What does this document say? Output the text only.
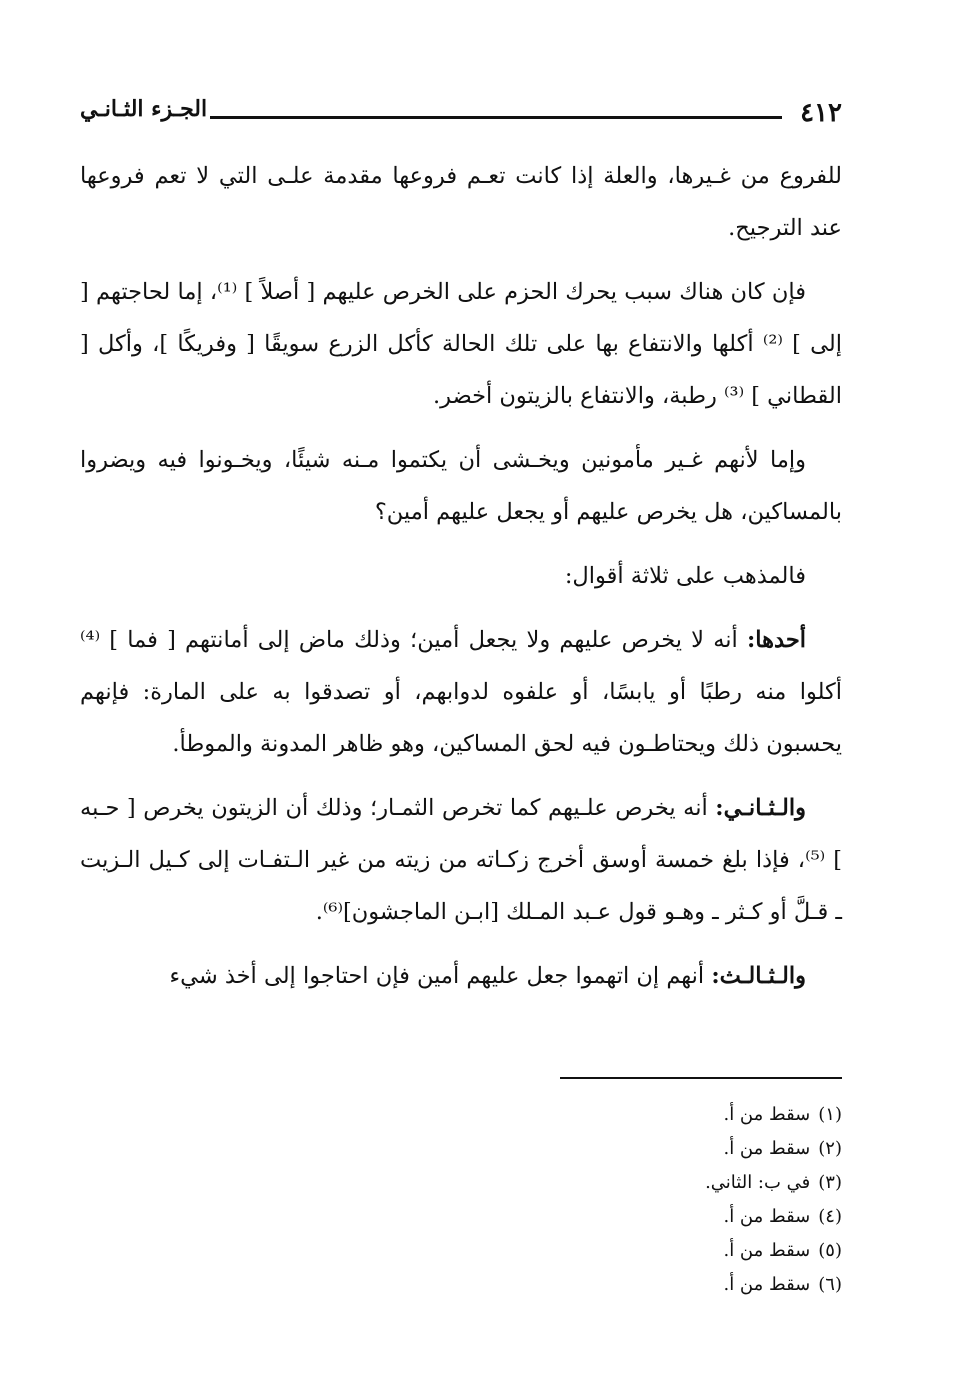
٤١٢
الجـزء الثـانـي

للفروع من غـيرها، والعلة إذا كانت تعـم فروعها مقدمة علـى التي لا تعم فروعها عند الترجيح.

فإن كان هناك سبب يحرك الحزم على الخرص عليهم [ أصلاً ] ⁽¹⁾، إما لحاجتهم [ إلى ] ⁽²⁾ أكلها والانتفاع بها على تلك الحالة كأكل الزرع سويقًا [ وفريكًا ]، وأكل [ القطاني ] ⁽³⁾ رطبة، والانتفاع بالزيتون أخضر.

وإما لأنهم غـير مأمونين ويخـشى أن يكتموا مـنه شيئًا، ويخـونوا فيه ويضروا بالمساكين، هل يخرص عليهم أو يجعل عليهم أمين؟

فالمذهب على ثلاثة أقوال:

أحدها: أنه لا يخرص عليهم ولا يجعل أمين؛ وذلك ماض إلى أمانتهم [ فما ] ⁽⁴⁾ أكلوا منه رطبًا أو يابسًا، أو علفوه لدوابهم، أو تصدقوا به على المارة: فإنهم يحسبون ذلك ويحتاطـون فيه لحق المساكين، وهو ظاهر المدونة والموطأ.

والـثـانـي: أنه يخرص علـيهم كما تخرص الثمـار؛ وذلك أن الزيتون يخرص [ حـبه ] ⁽⁵⁾، فإذا بلغ خمسة أوسق أخرج زكـاته من زيته من غير الـتفـات إلى كـيل الـزيت ـ قـلَّ أو كـثر ـ وهـو قول عـبد المـلك [ابـن الماجشون]⁽⁶⁾.

والـثـالـث: أنهم إن اتهموا جعل عليهم أمين فإن احتاجوا إلى أخذ شيء

(١)سقط من أ.
(٢)سقط من أ.
(٣)في ب: الثاني.
(٤)سقط من أ.
(٥)سقط من أ.
(٦)سقط من أ.
